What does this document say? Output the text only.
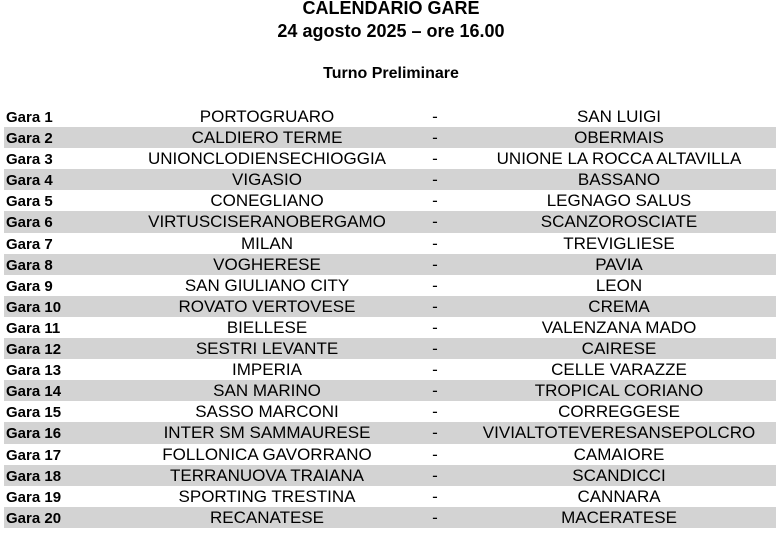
CALENDARIO GARE
24 agosto 2025 – ore 16.00
Turno Preliminare
Gara 1	PORTOGRUARO	-	SAN LUIGI
Gara 2	CALDIERO TERME	-	OBERMAIS
Gara 3	UNIONCLODIENSECHIOGGIA	-	UNIONE LA ROCCA ALTAVILLA
Gara 4	VIGASIO	-	BASSANO
Gara 5	CONEGLIANO	-	LEGNAGO SALUS
Gara 6	VIRTUSCISERANOBERGAMO	-	SCANZOROSCIATE
Gara 7	MILAN	-	TREVIGLIESE
Gara 8	VOGHERESE	-	PAVIA
Gara 9	SAN GIULIANO CITY	-	LEON
Gara 10	ROVATO VERTOVESE	-	CREMA
Gara 11	BIELLESE	-	VALENZANA MADO
Gara 12	SESTRI LEVANTE	-	CAIRESE
Gara 13	IMPERIA	-	CELLE VARAZZE
Gara 14	SAN MARINO	-	TROPICAL CORIANO
Gara 15	SASSO MARCONI	-	CORREGGESE
Gara 16	INTER SM SAMMAURESE	-	VIVIALTOTEVERESANSEPOLCRO
Gara 17	FOLLONICA GAVORRANO	-	CAMAIORE
Gara 18	TERRANUOVA TRAIANA	-	SCANDICCI
Gara 19	SPORTING TRESTINA	-	CANNARA
Gara 20	RECANATESE	-	MACERATESE
